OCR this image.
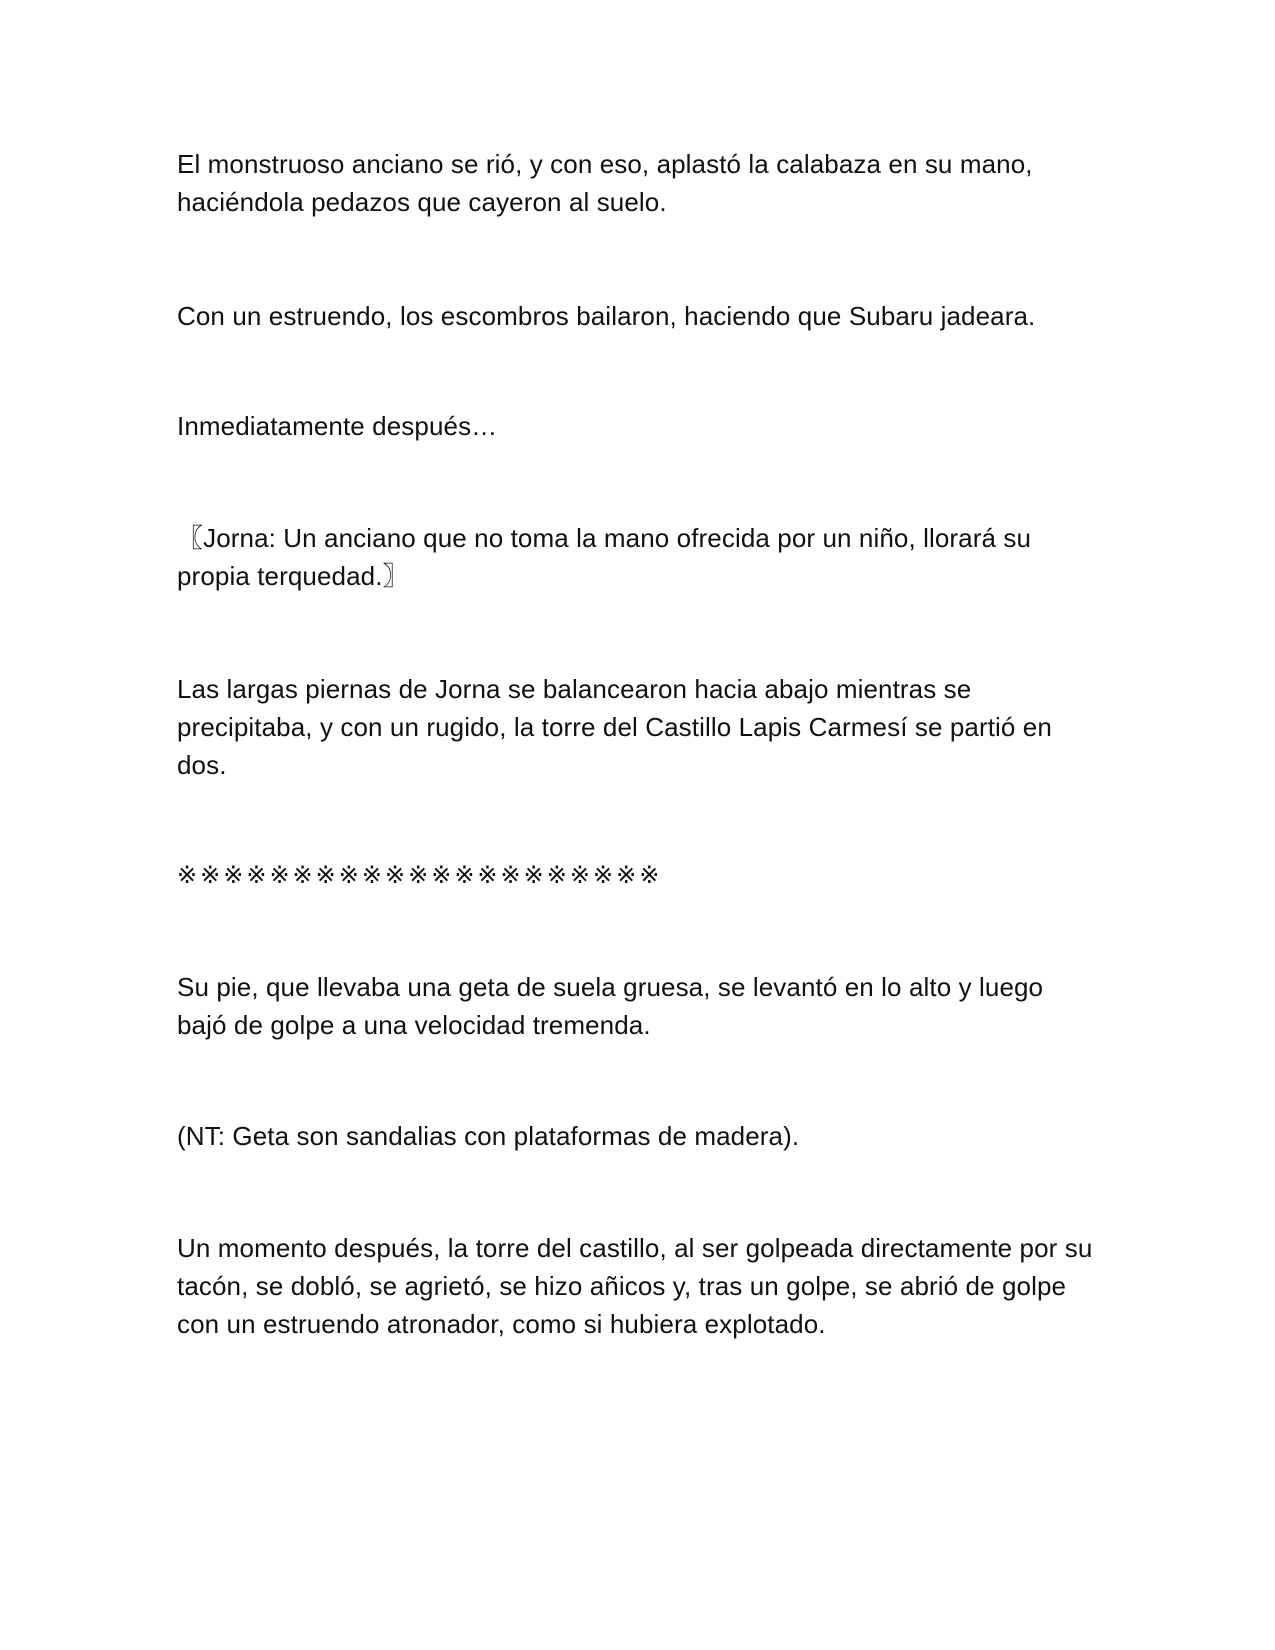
El monstruoso anciano se rió, y con eso, aplastó la calabaza en su mano, haciéndola pedazos que cayeron al suelo.

Con un estruendo, los escombros bailaron, haciendo que Subaru jadeara.

Inmediatamente después…

〖Jorna: Un anciano que no toma la mano ofrecida por un niño, llorará su propia terquedad.〗

Las largas piernas de Jorna se balancearon hacia abajo mientras se precipitaba, y con un rugido, la torre del Castillo Lapis Carmesí se partió en dos.

※※※※※※※※※※※※※※※※※※※※※

Su pie, que llevaba una geta de suela gruesa, se levantó en lo alto y luego bajó de golpe a una velocidad tremenda.

(NT: Geta son sandalias con plataformas de madera).

Un momento después, la torre del castillo, al ser golpeada directamente por su tacón, se dobló, se agrietó, se hizo añicos y, tras un golpe, se abrió de golpe con un estruendo atronador, como si hubiera explotado.
